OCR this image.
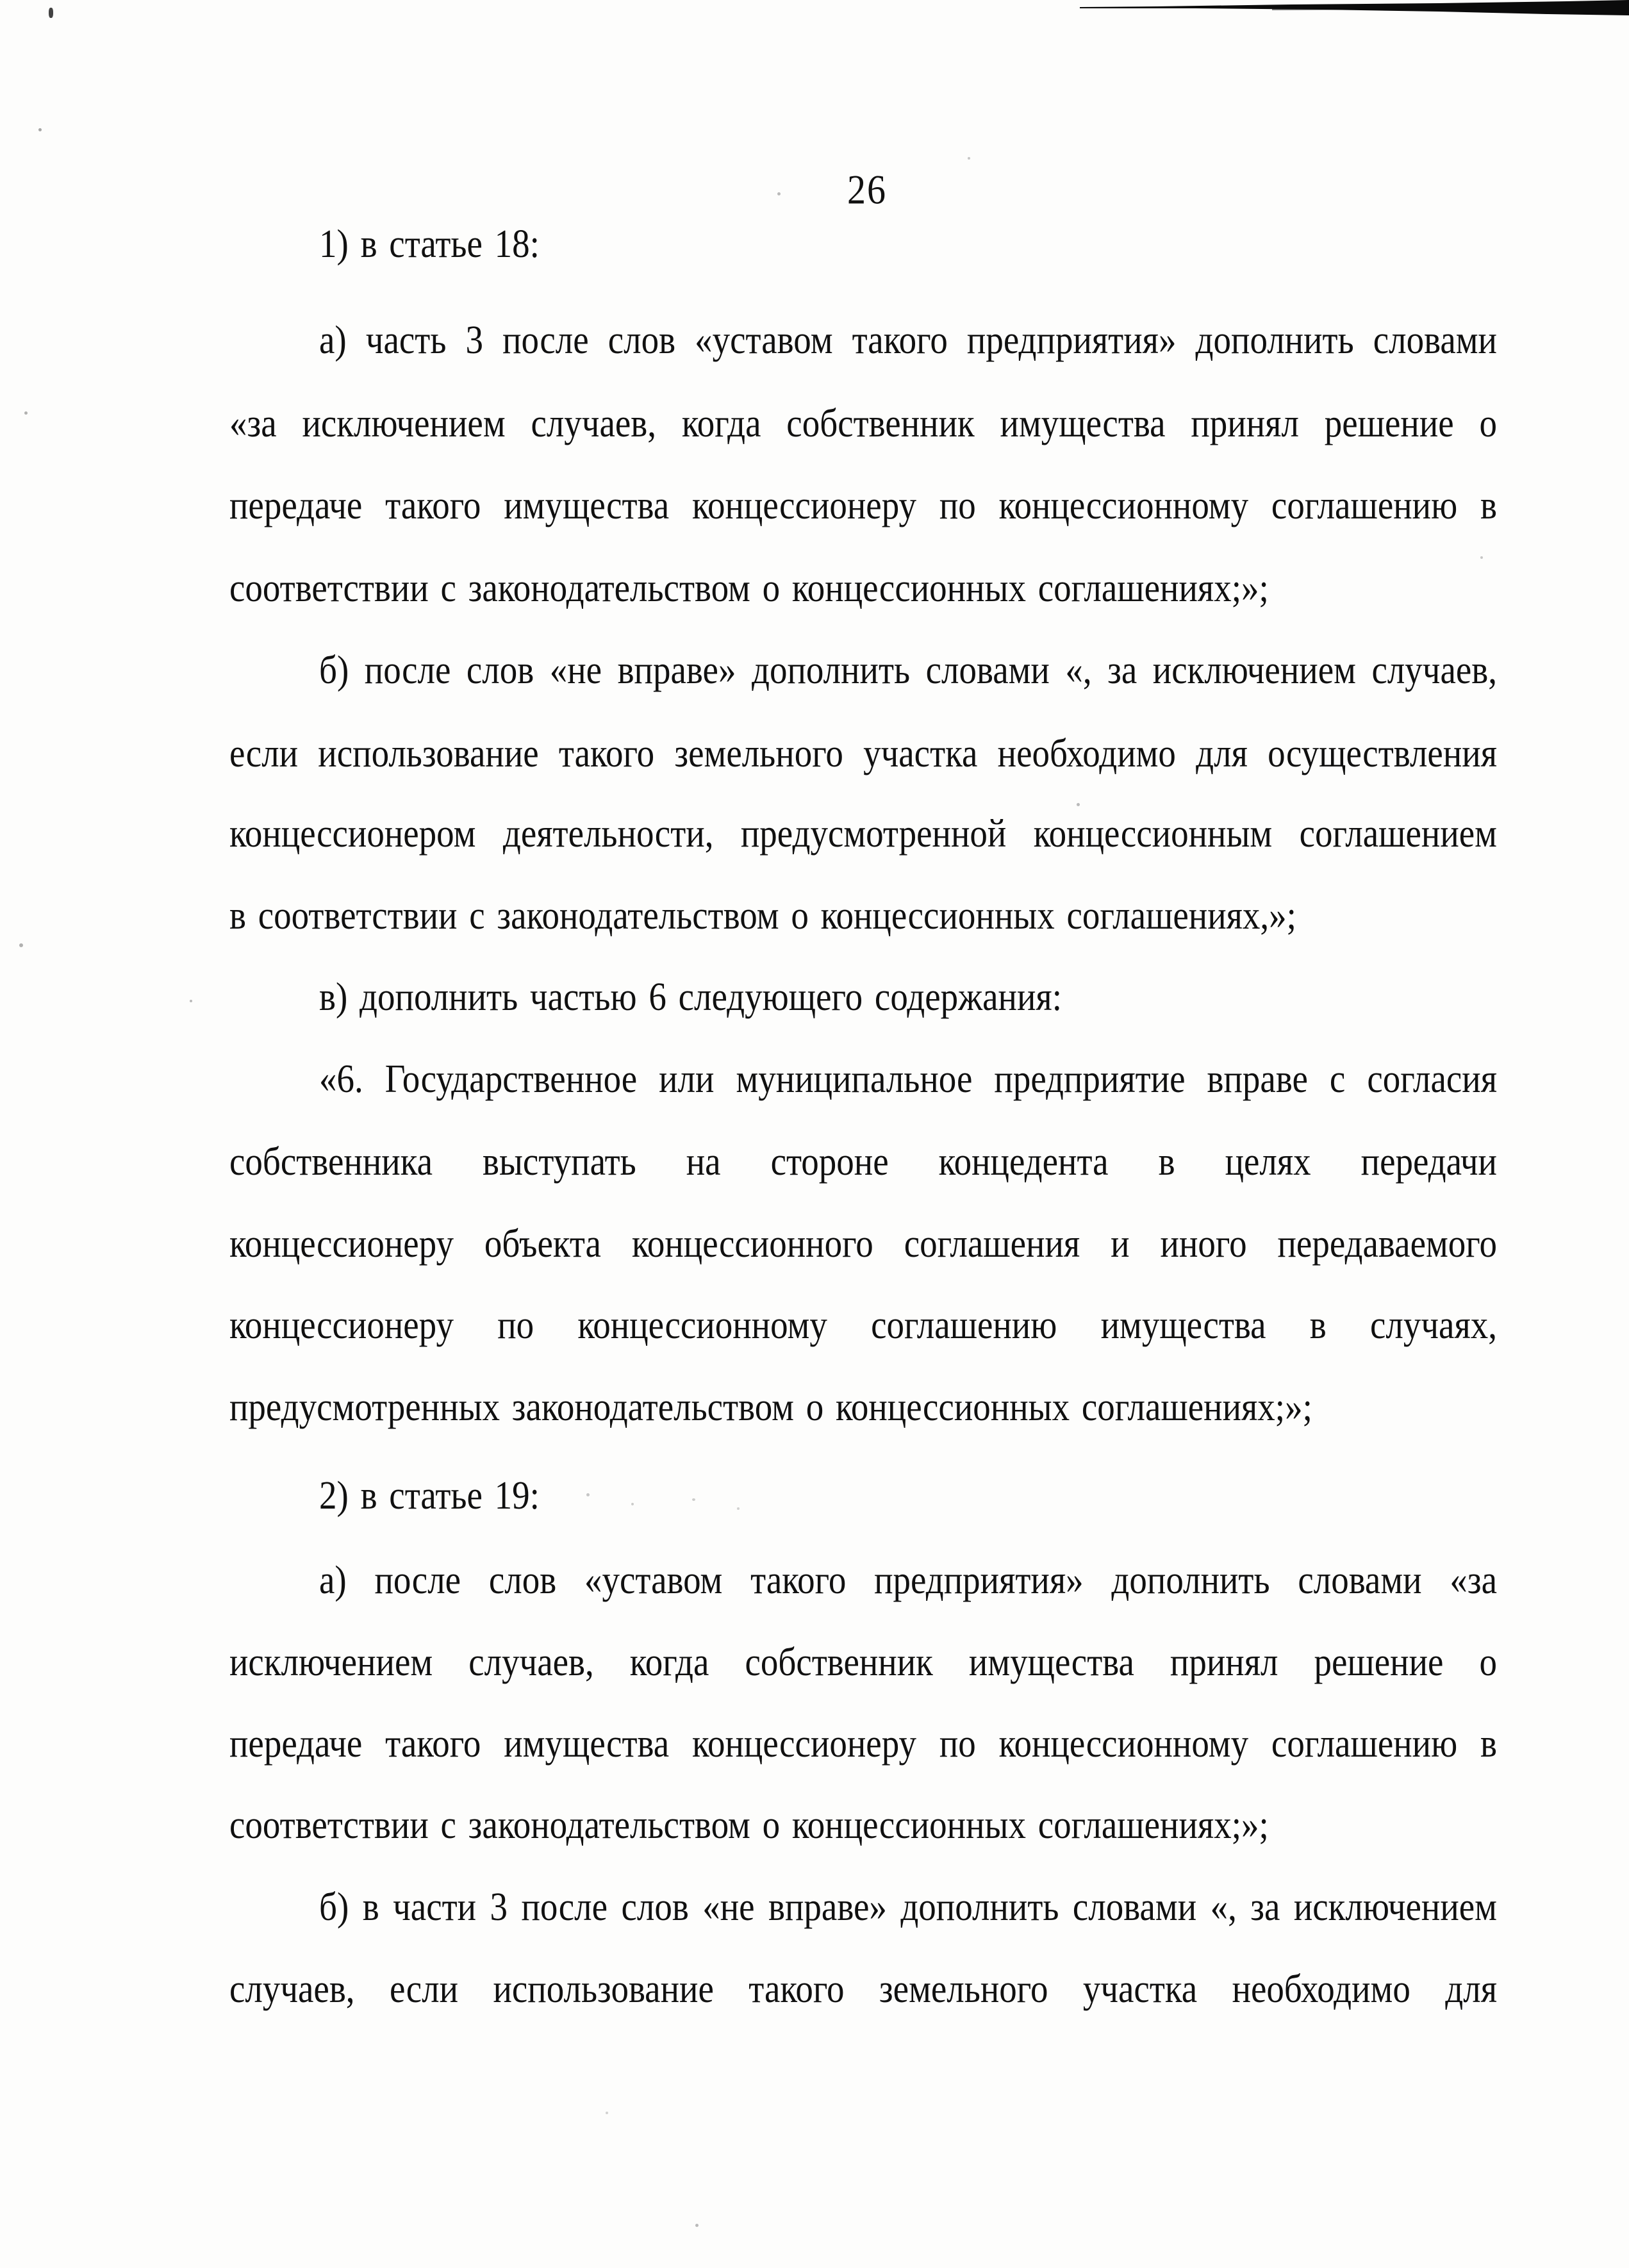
26
1) в статье 18:
а) часть 3 после слов «уставом такого предприятия» дополнить словами
«за исключением случаев, когда собственник имущества принял решение о
передаче такого имущества концессионеру по концессионному соглашению в
соответствии с законодательством о концессионных соглашениях;»;
б) после слов «не вправе» дополнить словами «, за исключением случаев,
если использование такого земельного участка необходимо для осуществления
концессионером деятельности, предусмотренной концессионным соглашением
в соответствии с законодательством о концессионных соглашениях,»;
в) дополнить частью 6 следующего содержания:
«6. Государственное или муниципальное предприятие вправе с согласия
собственника выступать на стороне концедента в целях передачи
концессионеру объекта концессионного соглашения и иного передаваемого
концессионеру по концессионному соглашению имущества в случаях,
предусмотренных законодательством о концессионных соглашениях;»;
2) в статье 19:
а) после слов «уставом такого предприятия» дополнить словами «за
исключением случаев, когда собственник имущества принял решение о
передаче такого имущества концессионеру по концессионному соглашению в
соответствии с законодательством о концессионных соглашениях;»;
б) в части 3 после слов «не вправе» дополнить словами «, за исключением
случаев, если использование такого земельного участка необходимо для
